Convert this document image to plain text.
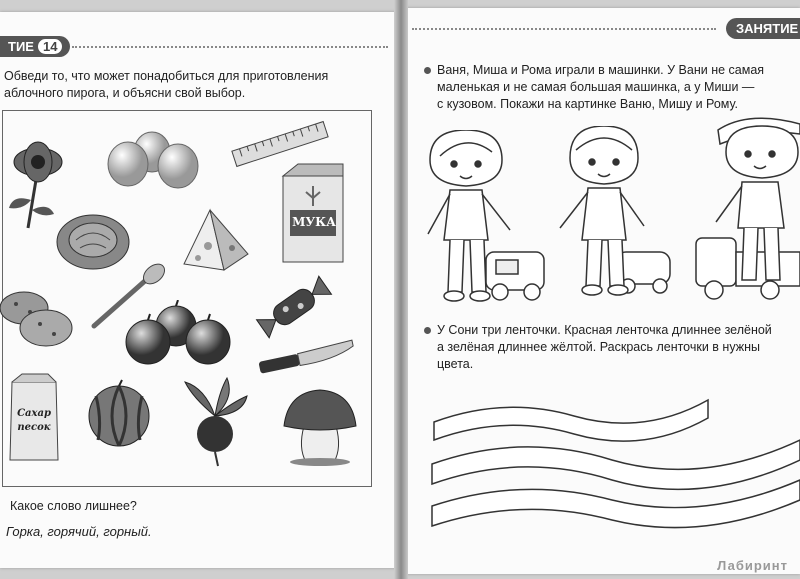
ТИЕ 14
Обведи то, что может понадобиться для приготовления
аблочного пирога, и объясни свой выбор.
МУКА
Сахар
песок
Какое слово лишнее?
Горка, горячий, горный.
ЗАНЯТИЕ
Ваня, Миша и Рома играли в машинки. У Вани не самая
маленькая и не самая большая машинка, а у Миши —
с кузовом. Покажи на картинке Ваню, Мишу и Рому.
У Сони три ленточки. Красная ленточка длиннее зелёной
а зелёная длиннее жёлтой. Раскрась ленточки в нужны
цвета.
Лабиринт
